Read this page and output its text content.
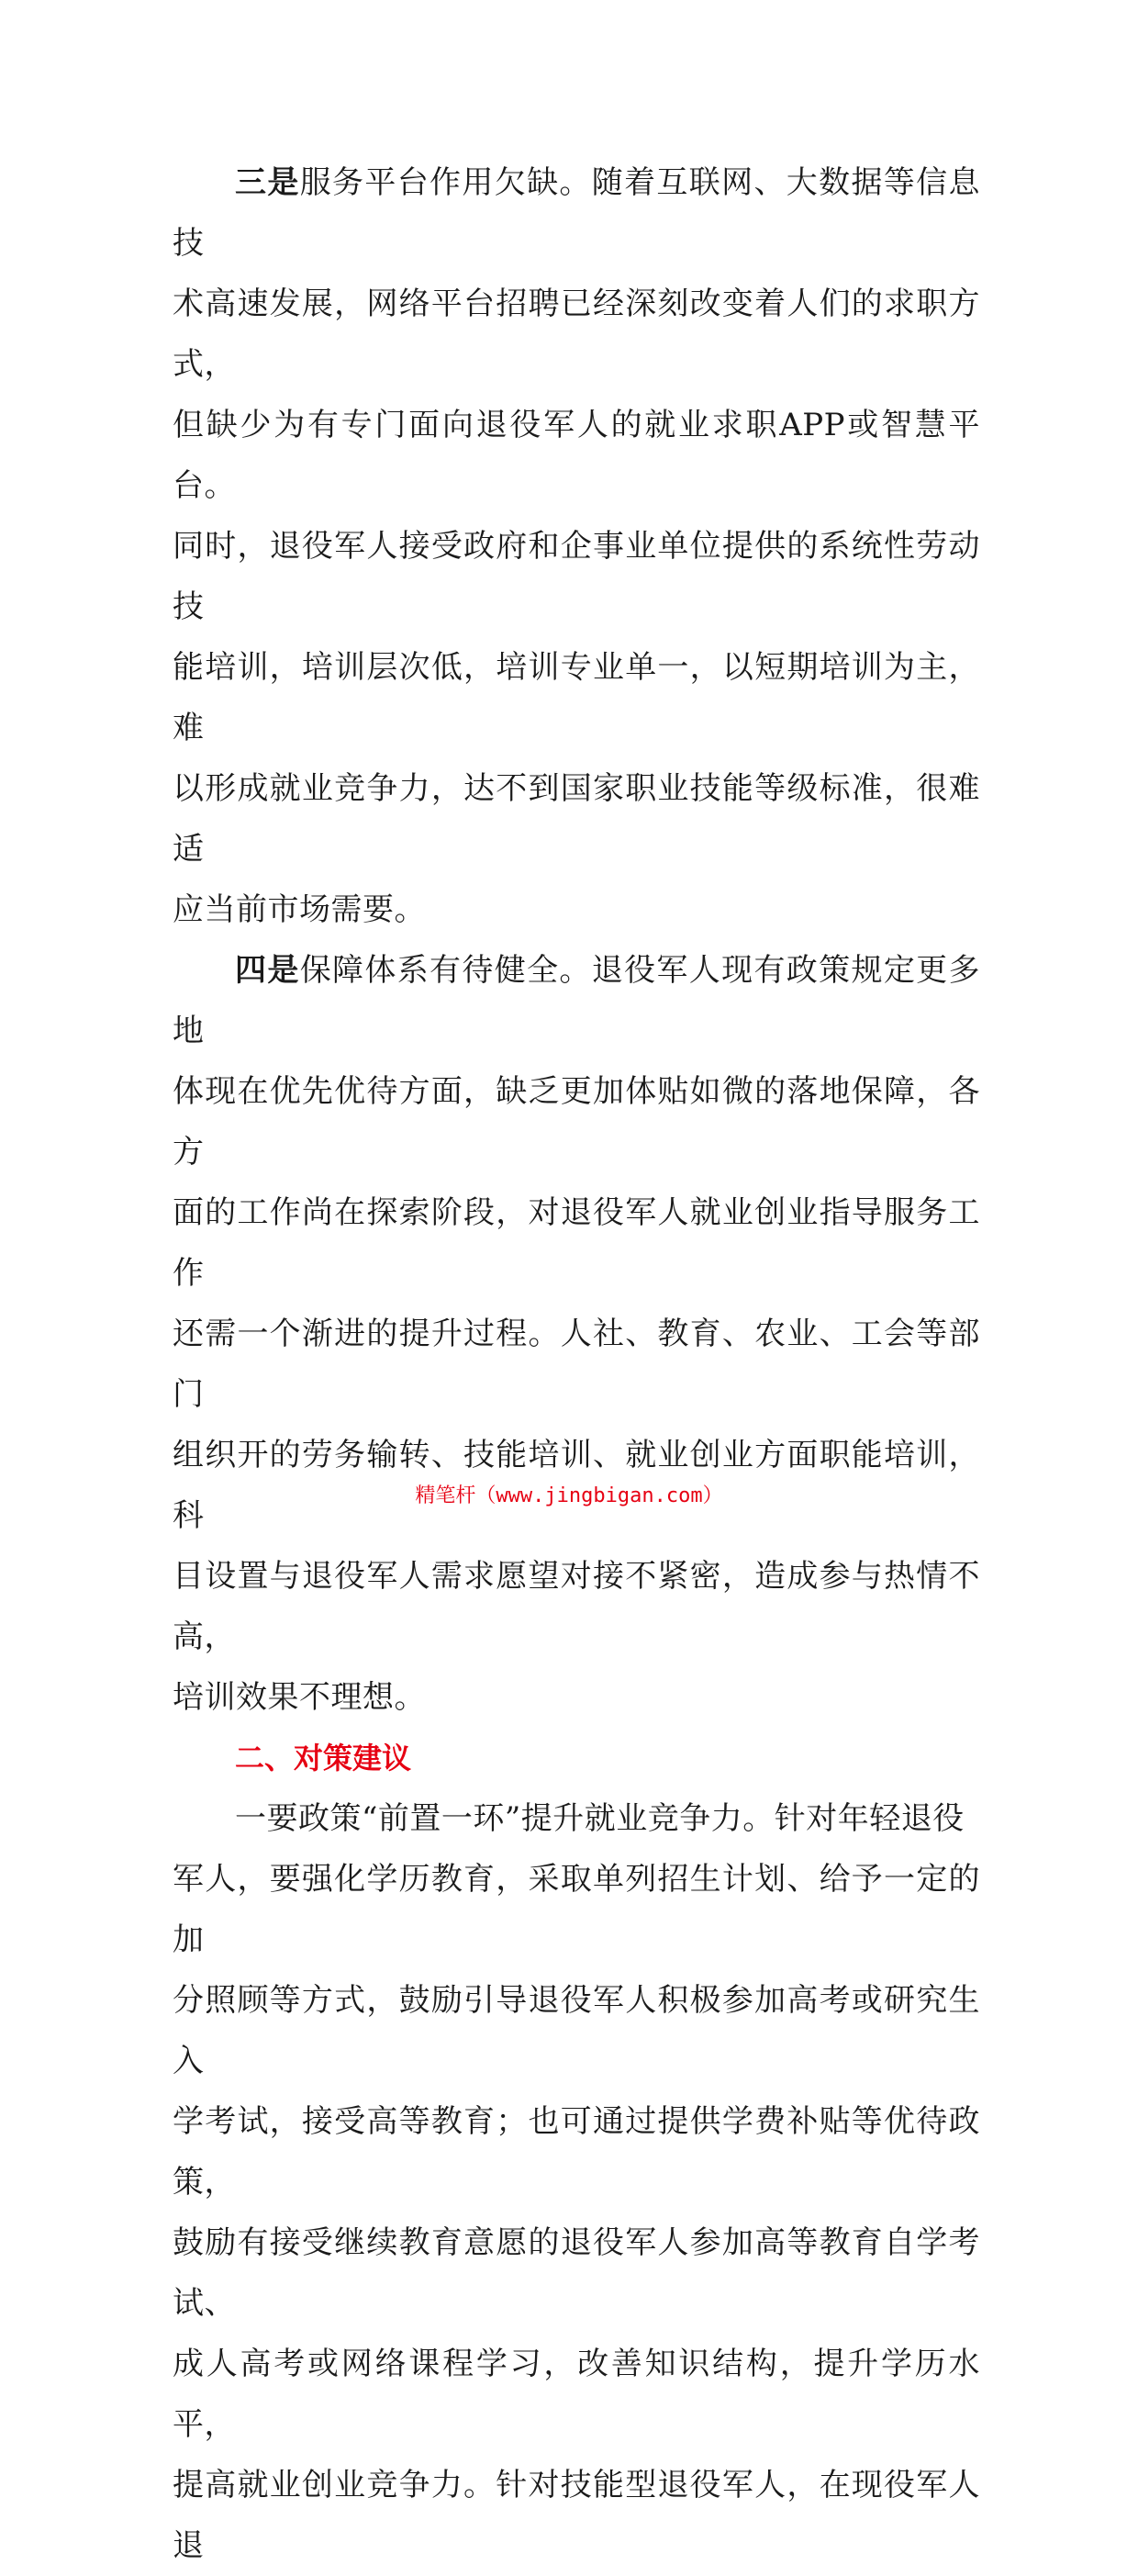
三是服务平台作用欠缺。随着互联网、大数据等信息技
术高速发展，网络平台招聘已经深刻改变着人们的求职方式，
但缺少为有专门面向退役军人的就业求职APP或智慧平台。
同时，退役军人接受政府和企事业单位提供的系统性劳动技
能培训，培训层次低，培训专业单一，以短期培训为主，难
以形成就业竞争力，达不到国家职业技能等级标准，很难适
应当前市场需要。

四是保障体系有待健全。退役军人现有政策规定更多地
体现在优先优待方面，缺乏更加体贴如微的落地保障，各方
面的工作尚在探索阶段，对退役军人就业创业指导服务工作
还需一个渐进的提升过程。人社、教育、农业、工会等部门
组织开的劳务输转、技能培训、就业创业方面职能培训，科
目设置与退役军人需求愿望对接不紧密，造成参与热情不高，
培训效果不理想。

二、对策建议

一要政策“前置一环”提升就业竞争力。针对年轻退役
军人，要强化学历教育，采取单列招生计划、给予一定的加
分照顾等方式，鼓励引导退役军人积极参加高考或研究生入
学考试，接受高等教育；也可通过提供学费补贴等优待政策，
鼓励有接受继续教育意愿的退役军人参加高等教育自学考试、
成人高考或网络课程学习，改善知识结构，提升学历水平，
提高就业创业竞争力。针对技能型退役军人，在现役军人退

精笔杆（www.jingbigan.com）
